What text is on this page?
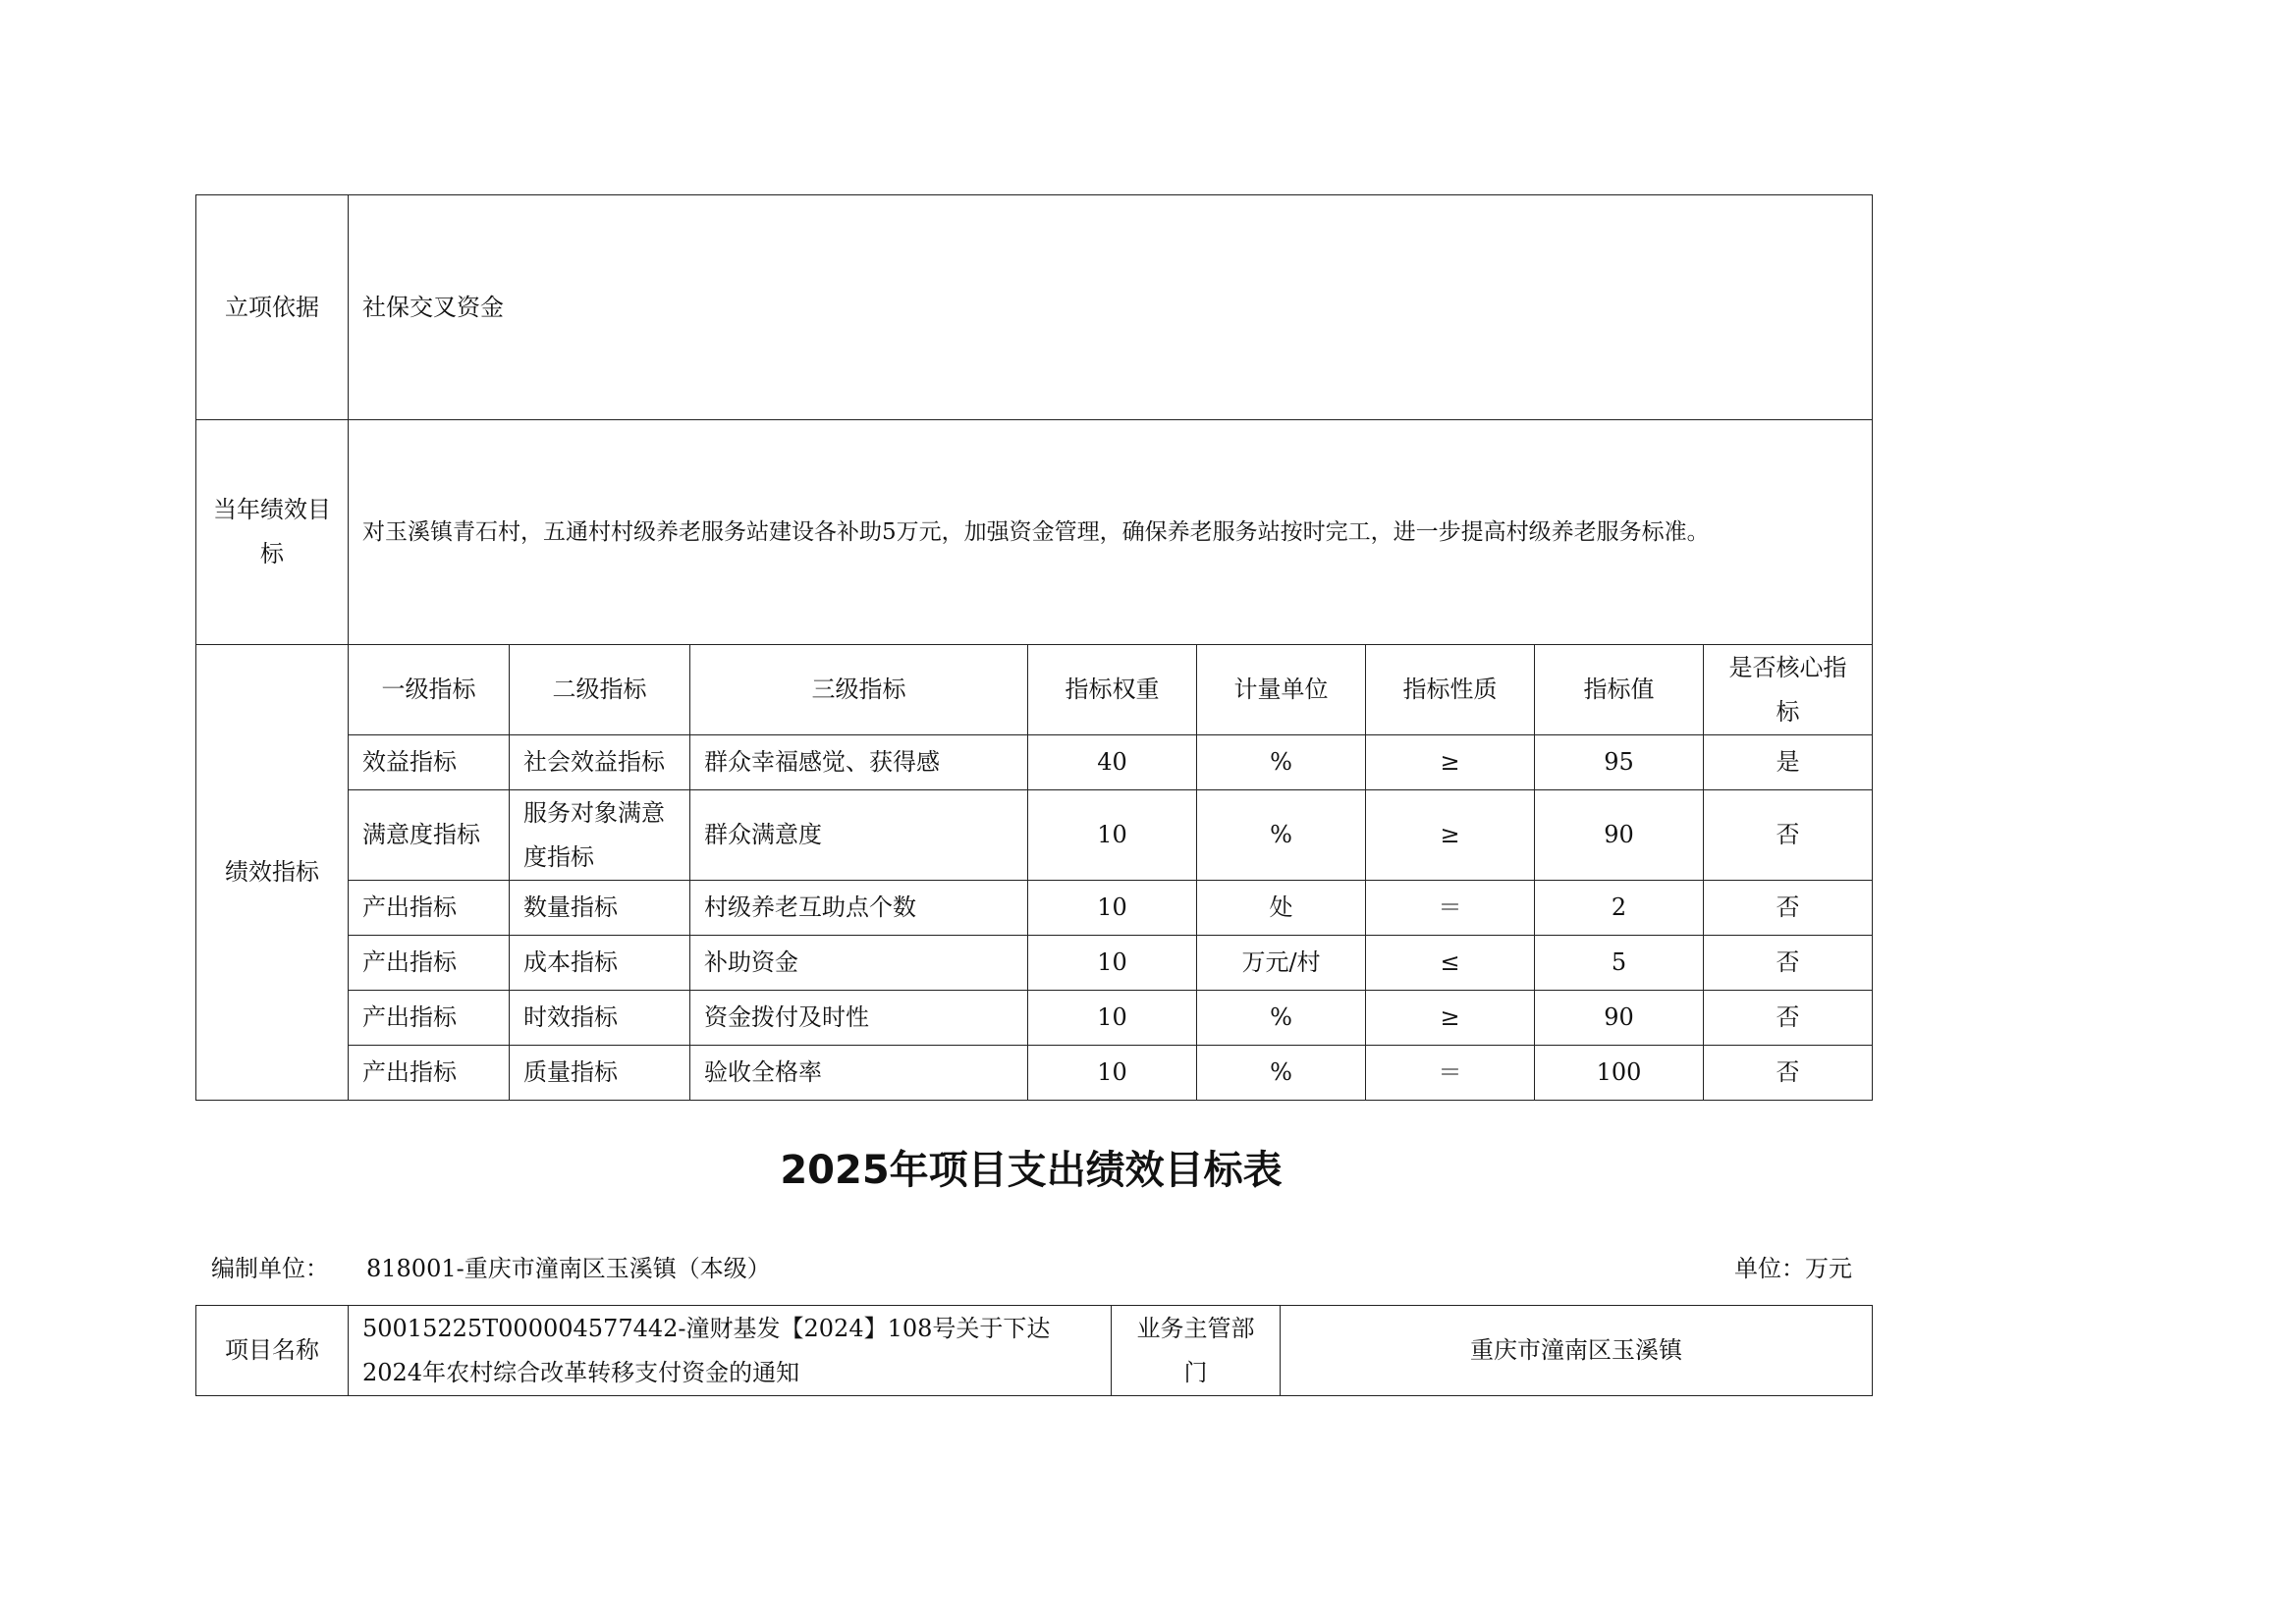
立项依据	社保交叉资金							
当年绩效目标	对玉溪镇青石村，五通村村级养老服务站建设各补助5万元，加强资金管理，确保养老服务站按时完工，进一步提高村级养老服务标准。							
绩效指标	一级指标	二级指标	三级指标	指标权重	计量单位	指标性质	指标值	是否核心指标
	效益指标	社会效益指标	群众幸福感觉、获得感	40	%	≥	95	是
	满意度指标	服务对象满意度指标	群众满意度	10	%	≥	90	否
	产出指标	数量指标	村级养老互助点个数	10	处	＝	2	否
	产出指标	成本指标	补助资金	10	万元/村	≤	5	否
	产出指标	时效指标	资金拨付及时性	10	%	≥	90	否
	产出指标	质量指标	验收全格率	10	%	＝	100	否
2025年项目支出绩效目标表
编制单位： 818001-重庆市潼南区玉溪镇（本级）	单位：万元
项目名称	50015225T000004577442-潼财基发【2024】108号关于下达2024年农村综合改革转移支付资金的通知	业务主管部门	重庆市潼南区玉溪镇
